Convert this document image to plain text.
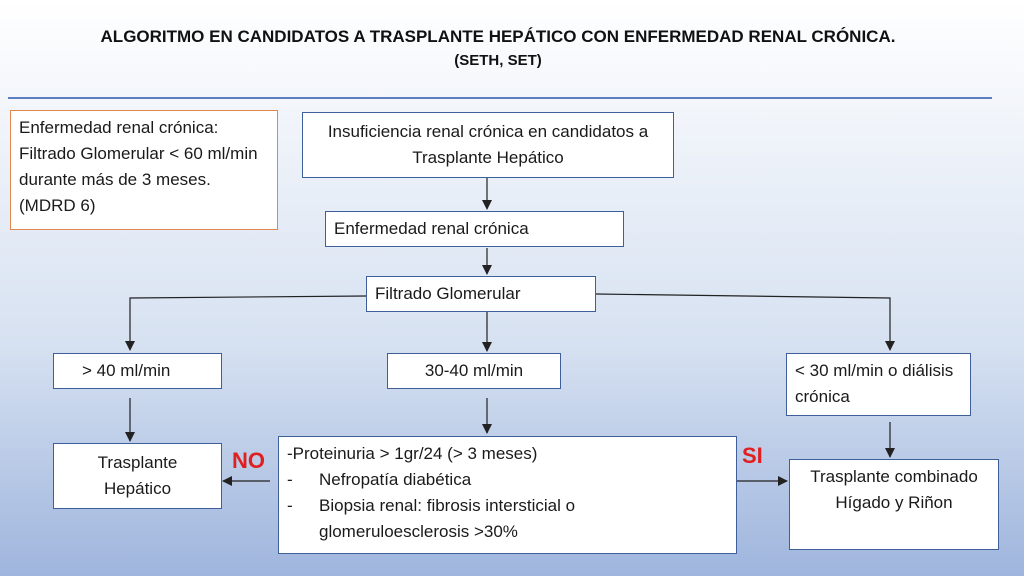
ALGORITMO EN CANDIDATOS A TRASPLANTE HEPÁTICO CON ENFERMEDAD RENAL CRÓNICA.
(SETH, SET)
Enfermedad renal crónica: Filtrado Glomerular < 60 ml/min durante más de 3 meses. (MDRD 6)
Insuficiencia renal crónica en candidatos a Trasplante Hepático
Enfermedad renal crónica
Filtrado Glomerular
> 40 ml/min	30-40 ml/min	< 30 ml/min o diálisis crónica
Trasplante Hepático
-Proteinuria > 1gr/24 (> 3 meses)
-	Nefropatía diabética
-	Biopsia renal: fibrosis intersticial o glomeruloesclerosis >30%
Trasplante combinado Hígado y Riñon
NO	SI
